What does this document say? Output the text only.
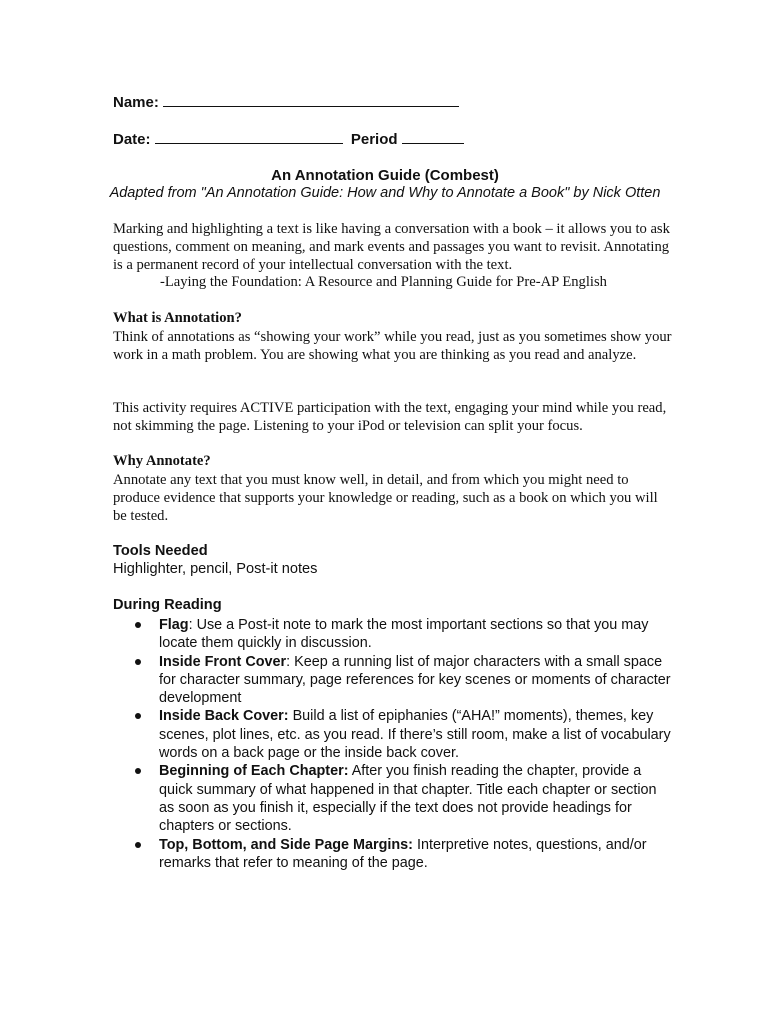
Name:
Date:	Period
An Annotation Guide (Combest)
Adapted from "An Annotation Guide: How and Why to Annotate a Book" by Nick Otten
Marking and highlighting a text is like having a conversation with a book – it allows you to ask questions, comment on meaning, and mark events and passages you want to revisit. Annotating is a permanent record of your intellectual conversation with the text.
-Laying the Foundation: A Resource and Planning Guide for Pre-AP English
What is Annotation?
Think of annotations as “showing your work” while you read, just as you sometimes show your work in a math problem. You are showing what you are thinking as you read and analyze.
This activity requires ACTIVE participation with the text, engaging your mind while you read, not skimming the page. Listening to your iPod or television can split your focus.
Why Annotate?
Annotate any text that you must know well, in detail, and from which you might need to produce evidence that supports your knowledge or reading, such as a book on which you will be tested.
Tools Needed
Highlighter, pencil, Post-it notes
During Reading
Flag: Use a Post-it note to mark the most important sections so that you may locate them quickly in discussion.
Inside Front Cover: Keep a running list of major characters with a small space for character summary, page references for key scenes or moments of character development
Inside Back Cover: Build a list of epiphanies (“AHA!” moments), themes, key scenes, plot lines, etc. as you read. If there’s still room, make a list of vocabulary words on a back page or the inside back cover.
Beginning of Each Chapter: After you finish reading the chapter, provide a quick summary of what happened in that chapter. Title each chapter or section as soon as you finish it, especially if the text does not provide headings for chapters or sections.
Top, Bottom, and Side Page Margins: Interpretive notes, questions, and/or remarks that refer to meaning of the page.
